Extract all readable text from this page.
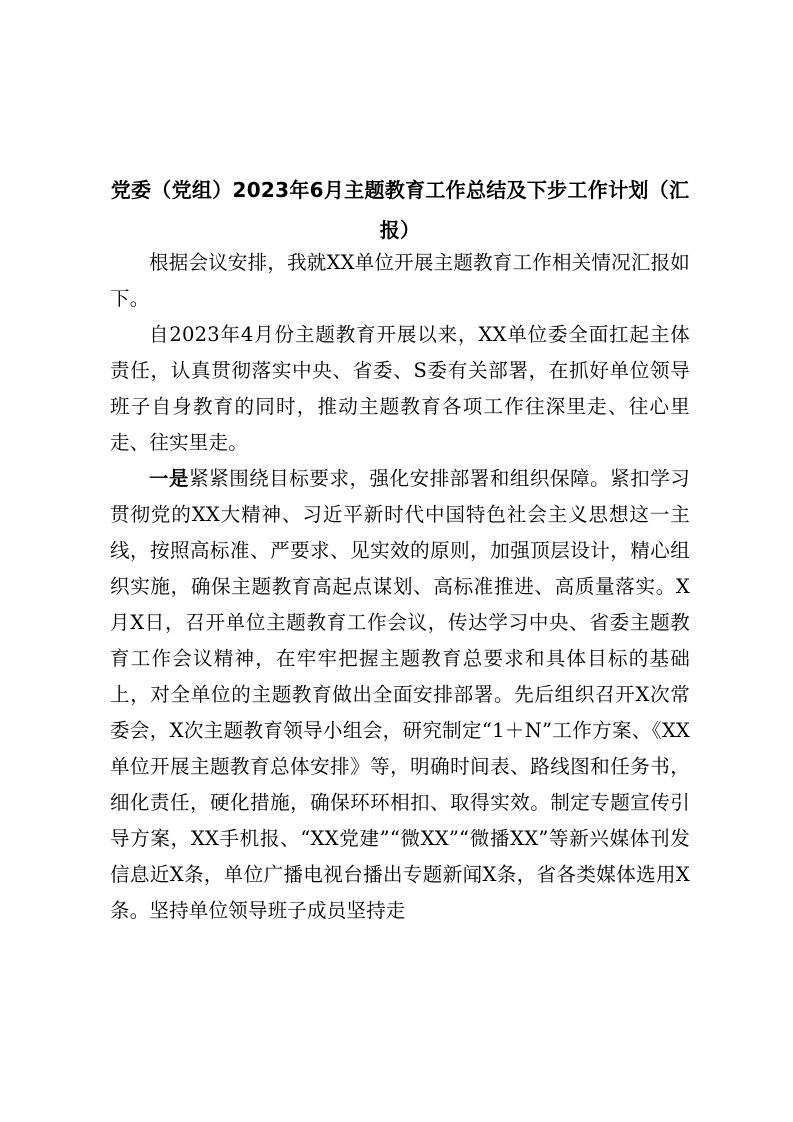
党委（党组）2023年6月主题教育工作总结及下步工作计划（汇报）

根据会议安排，我就XX单位开展主题教育工作相关情况汇报如下。

自2023年4月份主题教育开展以来，XX单位委全面扛起主体责任，认真贯彻落实中央、省委、S委有关部署，在抓好单位领导班子自身教育的同时，推动主题教育各项工作往深里走、往心里走、往实里走。

一是紧紧围绕目标要求，强化安排部署和组织保障。紧扣学习贯彻党的XX大精神、习近平新时代中国特色社会主义思想这一主线，按照高标准、严要求、见实效的原则，加强顶层设计，精心组织实施，确保主题教育高起点谋划、高标准推进、高质量落实。X月X日，召开单位主题教育工作会议，传达学习中央、省委主题教育工作会议精神，在牢牢把握主题教育总要求和具体目标的基础上，对全单位的主题教育做出全面安排部署。先后组织召开X次常委会，X次主题教育领导小组会，研究制定“1＋N”工作方案、《XX单位开展主题教育总体安排》等，明确时间表、路线图和任务书，细化责任，硬化措施，确保环环相扣、取得实效。制定专题宣传引导方案，XX手机报、“XX党建”“微XX”“微播XX”等新兴媒体刊发信息近X条，单位广播电视台播出专题新闻X条，省各类媒体选用X条。坚持单位领导班子成员坚持走
